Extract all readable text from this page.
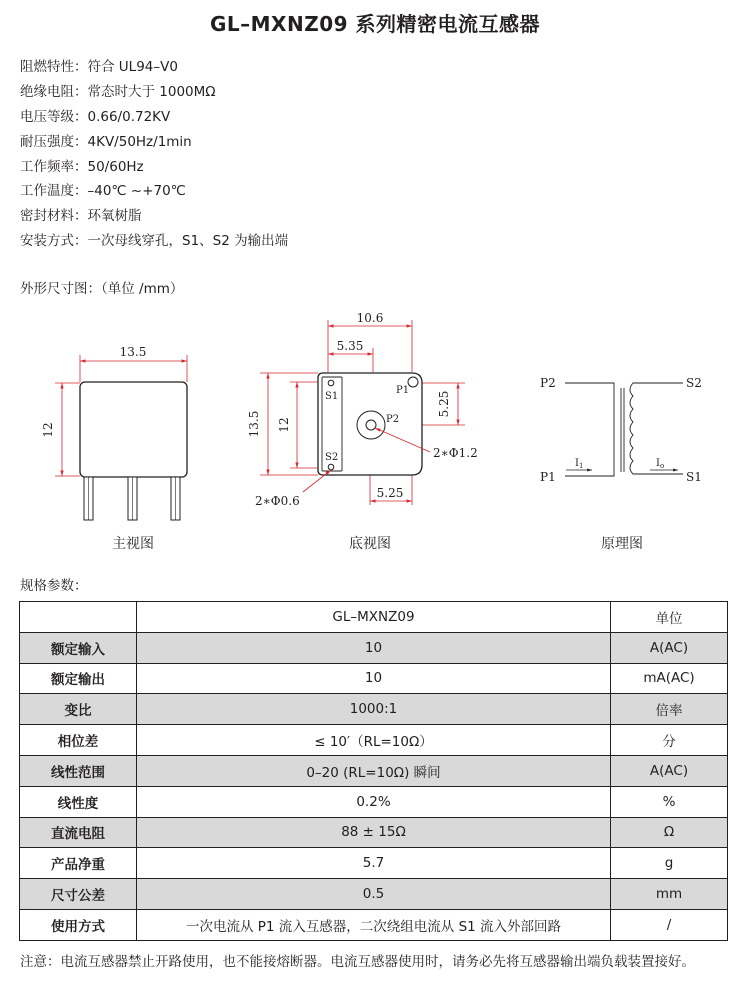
GL–MXNZ09 系列精密电流互感器
阻燃特性：符合 UL94–V0
绝缘电阻：常态时大于 1000MΩ
电压等级：0.66/0.72KV
耐压强度：4KV/50Hz/1min
工作频率：50/60Hz
工作温度：–40℃ ~+70℃
密封材料：环氧树脂
安装方式：一次母线穿孔，S1、S2 为输出端
外形尺寸图：（单位 /mm）
13.5
12
主视图
10.6
5.35
13.5 12
5.25
5.25
S1
S2
P1
P2
2∗Φ1.2
2∗Φ0.6
底视图
P2
P1
S2
S1
$I_1$	$I_o$
原理图
规格参数：
	GL–MXNZ09	单位
额定输入	10	A(AC)
额定输出	10	mA(AC)
变比	1000:1	倍率
相位差	≤ 10′（RL=10Ω）	分
线性范围	0–20 (RL=10Ω) 瞬间	A(AC)
线性度	0.2%	%
直流电阻	88 ± 15Ω	Ω
产品净重	5.7	g
尺寸公差	0.5	mm
使用方式	一次电流从 P1 流入互感器，二次绕组电流从 S1 流入外部回路	/
注意：电流互感器禁止开路使用，也不能接熔断器。电流互感器使用时，请务必先将互感器输出端负载装置接好。
